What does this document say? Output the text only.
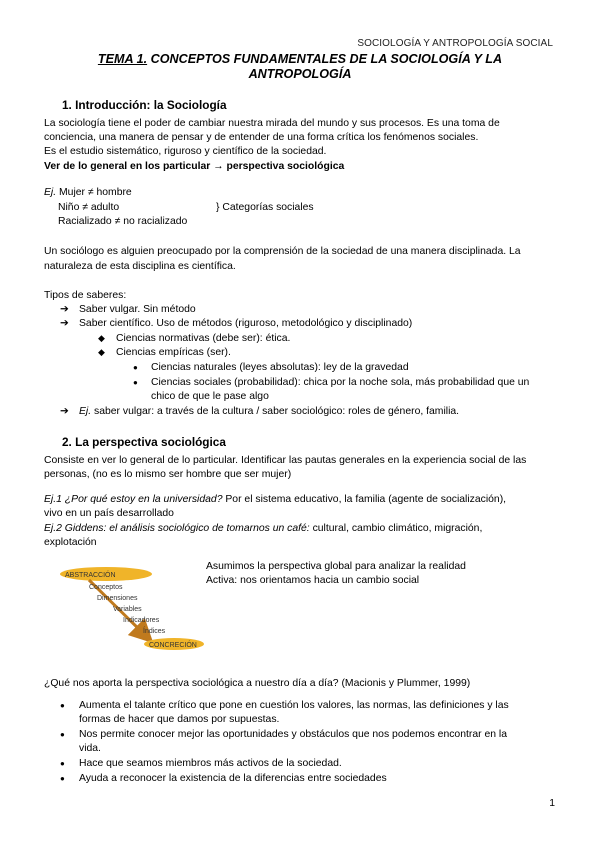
SOCIOLOGÍA Y ANTROPOLOGÍA SOCIAL
TEMA 1. CONCEPTOS FUNDAMENTALES DE LA SOCIOLOGÍA Y LA
ANTROPOLOGÍA
1. Introducción: la Sociología

La sociología tiene el poder de cambiar nuestra mirada del mundo y sus procesos. Es una toma de

conciencia, una manera de pensar y de entender de una forma crítica los fenómenos sociales.

Es el estudio sistemático, riguroso y científico de la sociedad.

Ver de lo general en los particular → perspectiva sociológica

Ej. Mujer ≠ hombre

Niño ≠ adulto	} Categorías sociales

Racializado ≠ no racializado

Un sociólogo es alguien preocupado por la comprensión de la sociedad de una manera disciplinada. La

naturaleza de esta disciplina es científica.

Tipos de saberes:

➔ Saber vulgar. Sin método
➔ Saber científico. Uso de métodos (riguroso, metodológico y disciplinado)
◆ Ciencias normativas (debe ser): ética.
◆ Ciencias empíricas (ser).
● Ciencias naturales (leyes absolutas): ley de la gravedad
● Ciencias sociales (probabilidad): chica por la noche sola, más probabilidad que un
chico de que le pase algo
➔ Ej. saber vulgar: a través de la cultura / saber sociológico: roles de género, familia.
2. La perspectiva sociológica

Consiste en ver lo general de lo particular. Identificar las pautas generales en la experiencia social de las

personas, (no es lo mismo ser hombre que ser mujer)

Ej.1 ¿Por qué estoy en la universidad? Por el sistema educativo, la familia (agente de socialización),

vivo en un país desarrollado

Ej.2 Giddens: el análisis sociológico de tomarnos un café: cultural, cambio climático, migración,

explotación

ABSTRACCIÓN
Conceptos
Dimensiones
Variables
Indicadores
Índices
CONCRECIÓN

Asumimos la perspectiva global para analizar la realidad

Activa: nos orientamos hacia un cambio social

¿Qué nos aporta la perspectiva sociológica a nuestro día a día? (Macionis y Plummer, 1999)

● Aumenta el talante crítico que pone en cuestión los valores, las normas, las definiciones y las
formas de hacer que damos por supuestas.
● Nos permite conocer mejor las oportunidades y obstáculos que nos podemos encontrar en la
vida.
● Hace que seamos miembros más activos de la sociedad.
● Ayuda a reconocer la existencia de la diferencias entre sociedades
1
